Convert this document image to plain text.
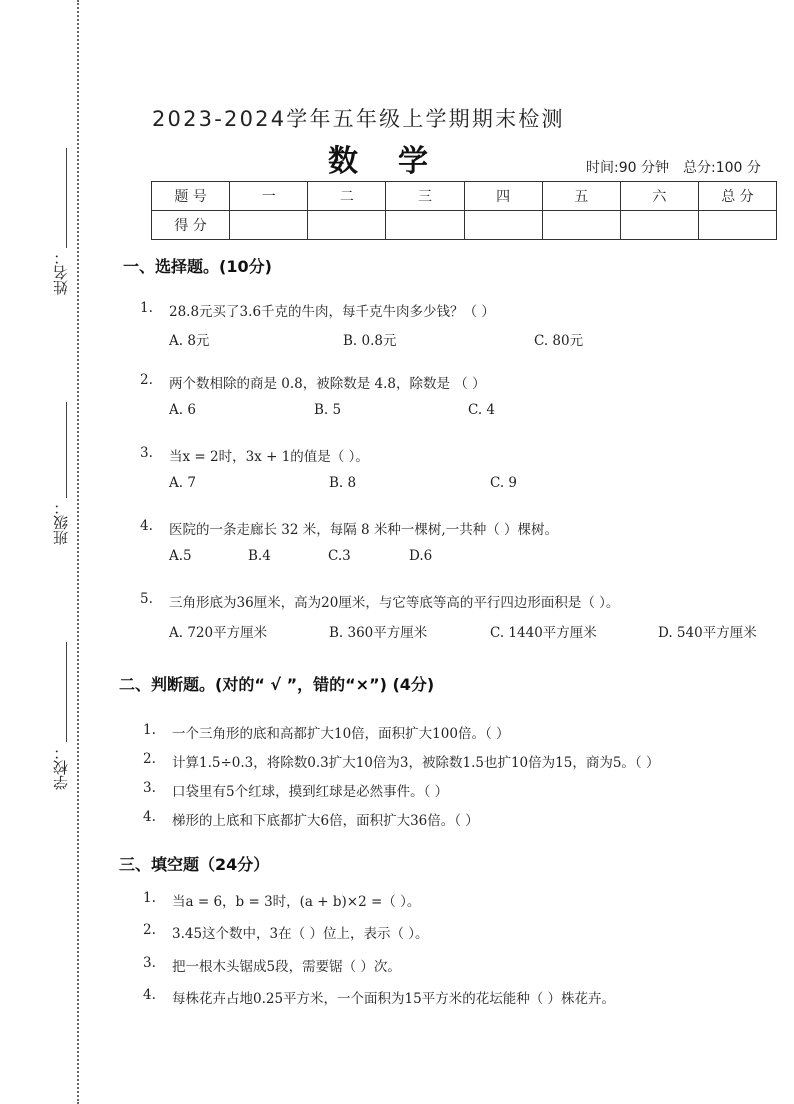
姓名：
班级：
学校：
2023-2024学年五年级上学期期末检测
数学	时间:90 分钟 总分:100 分
题 号	一	二	三	四	五	六	总 分
得 分							
一、选择题。(10分)
1. 28.8元买了3.6千克的牛肉，每千克牛肉多少钱？（ ）
A. 8元	B. 0.8元	C. 80元
2. 两个数相除的商是 0.8，被除数是 4.8，除数是 （ ）
A. 6	B. 5	C. 4
3. 当x = 2时，3x + 1的值是（ ）。
A. 7	B. 8	C. 9
4. 医院的一条走廊长 32 米，每隔 8 米种一棵树,一共种（ ）棵树。
A.5	B.4	C.3	D.6
5. 三角形底为36厘米，高为20厘米，与它等底等高的平行四边形面积是（ ）。
A. 720平方厘米	B. 360平方厘米	C. 1440平方厘米	D. 540平方厘米
二、判断题。(对的“ √ ”，错的“×”) (4分)
1. 一个三角形的底和高都扩大10倍，面积扩大100倍。（ ）
2. 计算1.5÷0.3，将除数0.3扩大10倍为3，被除数1.5也扩10倍为15，商为5。（ ）
3. 口袋里有5个红球，摸到红球是必然事件。（ ）
4. 梯形的上底和下底都扩大6倍，面积扩大36倍。（ ）
三、填空题（24分）
1. 当a = 6，b = 3时，(a + b)×2 =（ ）。
2. 3.45这个数中，3在（ ）位上，表示（ ）。
3. 把一根木头锯成5段，需要锯（ ）次。
4. 每株花卉占地0.25平方米，一个面积为15平方米的花坛能种（ ）株花卉。
